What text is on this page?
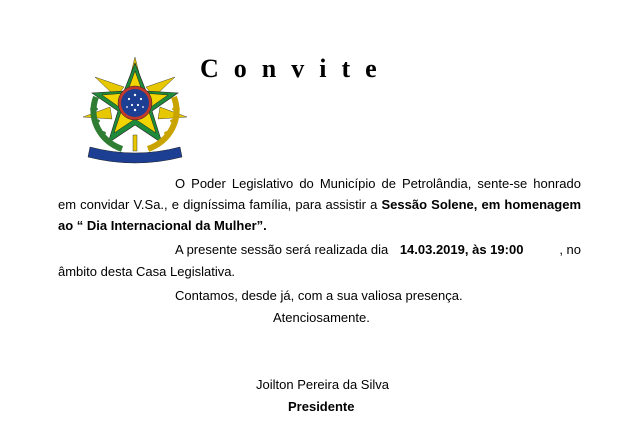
Convite
O Poder Legislativo do Município de Petrolândia, sente-se honrado
em convidar V.Sa., e digníssima família, para assistir a Sessão Solene, em homenagem
ao “ Dia Internacional da Mulher”.
A presente sessão será realizada dia 14.03.2019, às 19:00	, no
âmbito desta Casa Legislativa.
Contamos, desde já, com a sua valiosa presença.
Atenciosamente.
Joilton Pereira da Silva
Presidente
